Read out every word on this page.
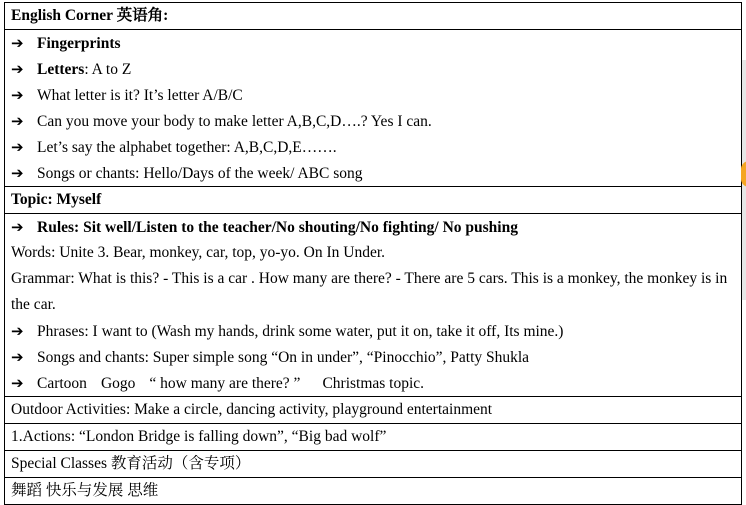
English Corner 英语角:

➔ Fingerprints
➔ Letters: A to Z
➔ What letter is it? It’s letter A/B/C
➔ Can you move your body to make letter A,B,C,D….? Yes I can.
➔ Let’s say the alphabet together: A,B,C,D,E…….
➔ Songs or chants: Hello/Days of the week/ ABC song

Topic: Myself

➔ Rules: Sit well/Listen to the teacher/No shouting/No fighting/ No pushing
Words: Unite 3. Bear, monkey, car, top, yo-yo. On In Under.
Grammar: What is this? - This is a car . How many are there? - There are 5 cars. This is a monkey, the monkey is in the car.
➔ Phrases: I want to (Wash my hands, drink some water, put it on, take it off, Its mine.)
➔ Songs and chants: Super simple song “On in under”, “Pinocchio”, Patty Shukla
➔ Cartoon Gogo “ how many are there? ” Christmas topic.

Outdoor Activities: Make a circle, dancing activity, playground entertainment
1.Actions: “London Bridge is falling down”, “Big bad wolf”
Special Classes 教育活动（含专项）
舞蹈 快乐与发展 思维
